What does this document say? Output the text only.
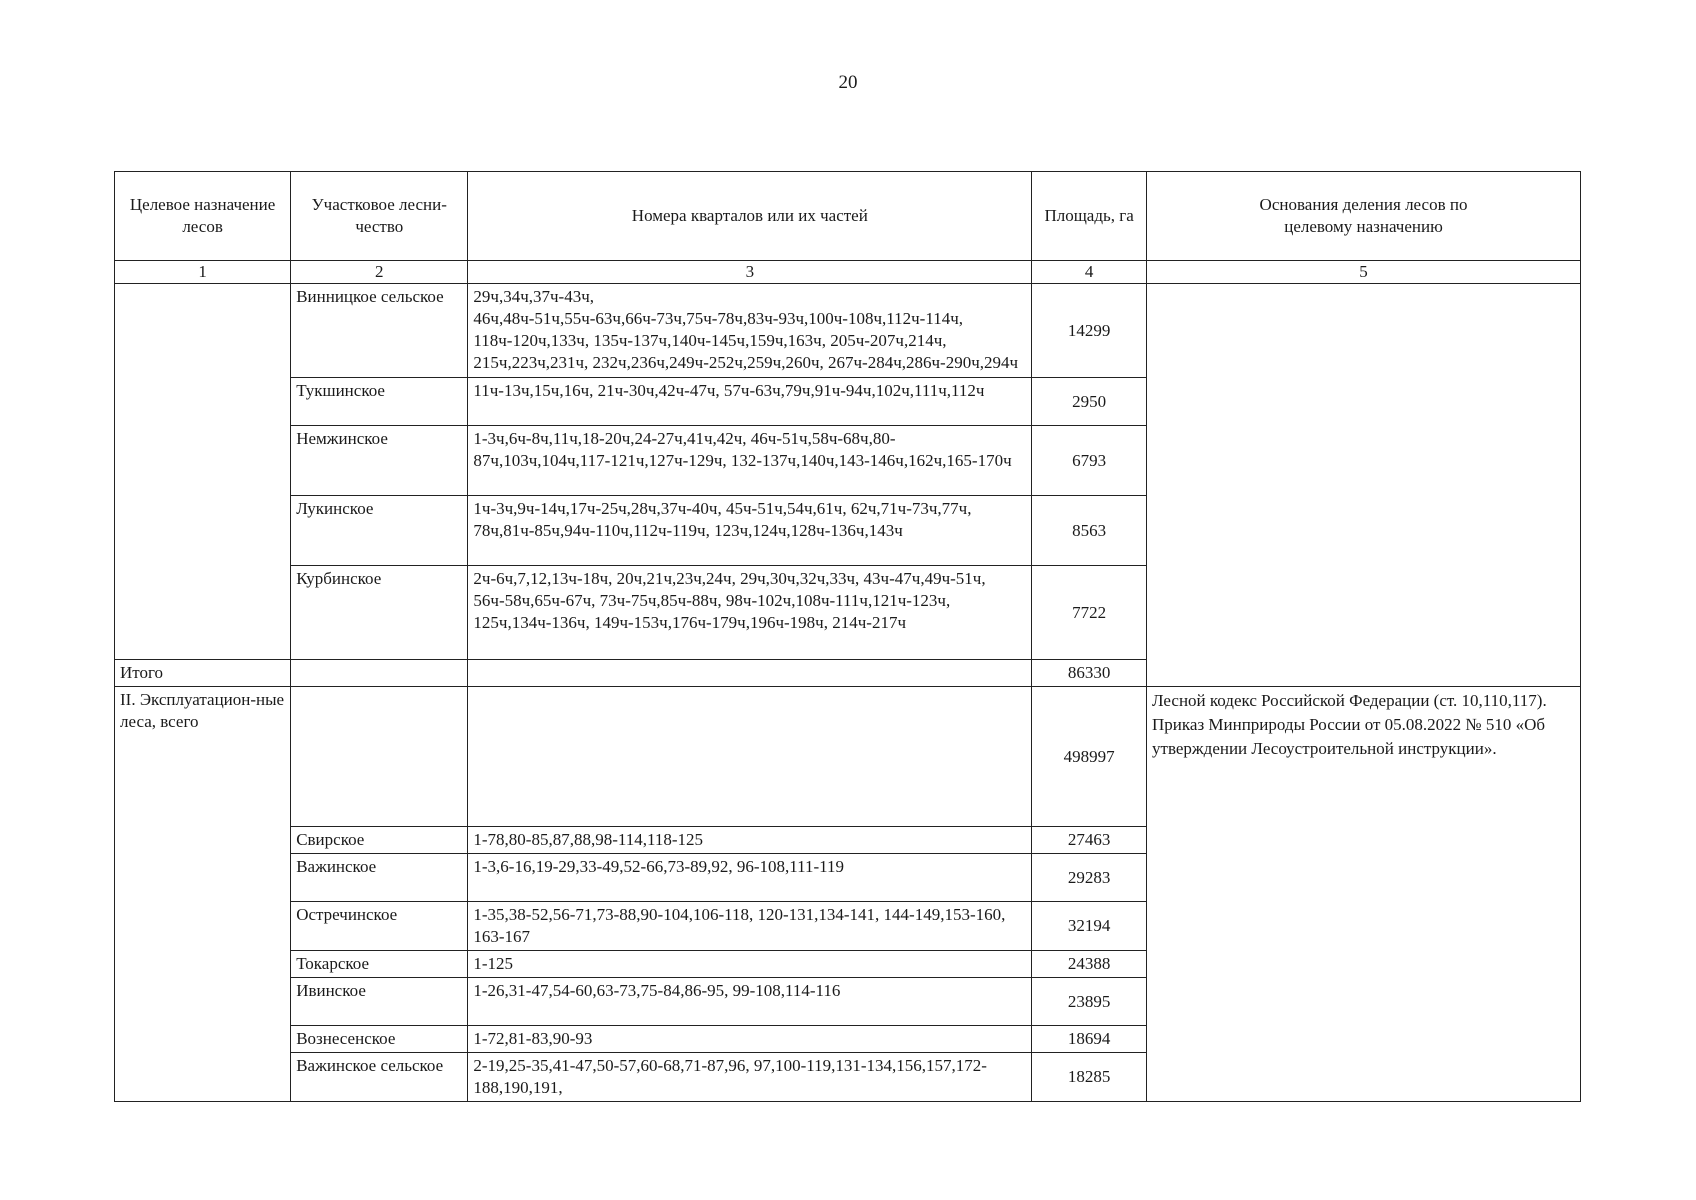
20
Целевое назначение лесов	Участковое лесни-чество	Номера кварталов или их частей	Площадь, га	Основания деления лесов по целевому назначению
1	2	3	4	5
	Винницкое сельское	29ч,34ч,37ч-43ч, 46ч,48ч-51ч,55ч-63ч,66ч-73ч,75ч-78ч,83ч-93ч,100ч-108ч,112ч-114ч, 118ч-120ч,133ч, 135ч-137ч,140ч-145ч,159ч,163ч, 205ч-207ч,214ч, 215ч,223ч,231ч, 232ч,236ч,249ч-252ч,259ч,260ч, 267ч-284ч,286ч-290ч,294ч	14299	
	Тукшинское	11ч-13ч,15ч,16ч, 21ч-30ч,42ч-47ч, 57ч-63ч,79ч,91ч-94ч,102ч,111ч,112ч	2950	
	Немжинское	1-3ч,6ч-8ч,11ч,18-20ч,24-27ч,41ч,42ч, 46ч-51ч,58ч-68ч,80-87ч,103ч,104ч,117-121ч,127ч-129ч, 132-137ч,140ч,143-146ч,162ч,165-170ч	6793	
	Лукинское	1ч-3ч,9ч-14ч,17ч-25ч,28ч,37ч-40ч, 45ч-51ч,54ч,61ч, 62ч,71ч-73ч,77ч, 78ч,81ч-85ч,94ч-110ч,112ч-119ч, 123ч,124ч,128ч-136ч,143ч	8563	
	Курбинское	2ч-6ч,7,12,13ч-18ч, 20ч,21ч,23ч,24ч, 29ч,30ч,32ч,33ч, 43ч-47ч,49ч-51ч, 56ч-58ч,65ч-67ч, 73ч-75ч,85ч-88ч, 98ч-102ч,108ч-111ч,121ч-123ч, 125ч,134ч-136ч, 149ч-153ч,176ч-179ч,196ч-198ч, 214ч-217ч	7722	
Итого			86330	
II. Эксплуатацион-ные леса, всего			498997	Лесной кодекс Российской Федерации (ст. 10,110,117).
Приказ Минприроды России от 05.08.2022 № 510 «Об утверждении Лесоустроительной инструкции».

	Свирское	1-78,80-85,87,88,98-114,118-125	27463	
	Важинское	1-3,6-16,19-29,33-49,52-66,73-89,92, 96-108,111-119	29283	
	Остречинское	1-35,38-52,56-71,73-88,90-104,106-118, 120-131,134-141, 144-149,153-160, 163-167	32194	
	Токарское	1-125	24388	
	Ивинское	1-26,31-47,54-60,63-73,75-84,86-95, 99-108,114-116	23895	
	Вознесенское	1-72,81-83,90-93	18694	
	Важинское сельское	2-19,25-35,41-47,50-57,60-68,71-87,96, 97,100-119,131-134,156,157,172-188,190,191,	18285	
